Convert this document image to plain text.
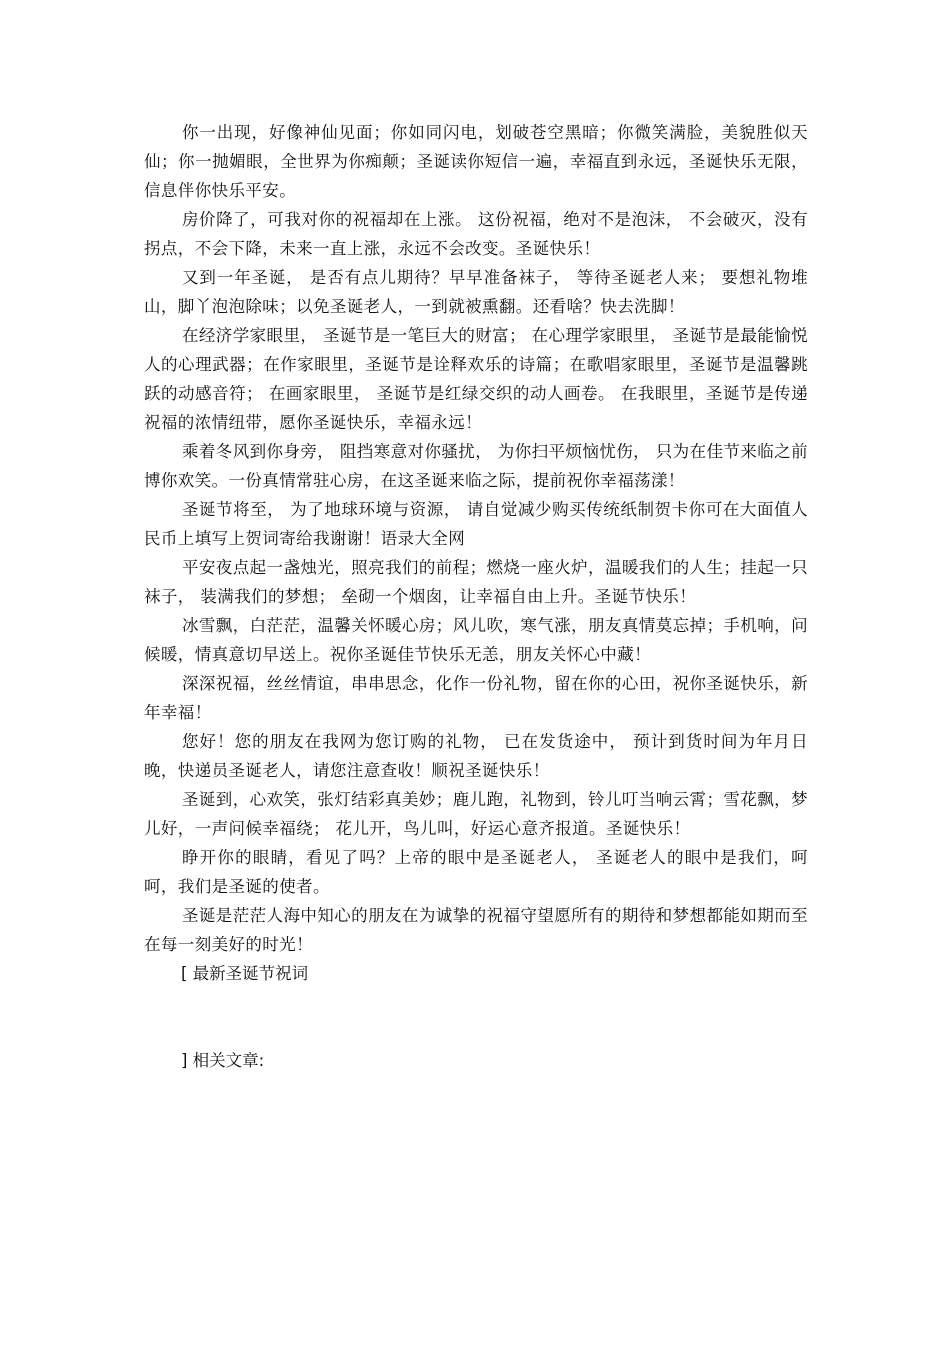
你一出现，好像神仙见面；你如同闪电，划破苍空黑暗；你微笑满脸，美貌胜似天仙；你一抛媚眼，全世界为你痴颠；圣诞读你短信一遍，幸福直到永远，圣诞快乐无限，信息伴你快乐平安。

房价降了，可我对你的祝福却在上涨。 这份祝福，绝对不是泡沫， 不会破灭，没有拐点，不会下降，未来一直上涨，永远不会改变。圣诞快乐！

又到一年圣诞， 是否有点儿期待？早早准备袜子， 等待圣诞老人来； 要想礼物堆山，脚丫泡泡除味；以免圣诞老人，一到就被熏翻。还看啥？快去洗脚！

在经济学家眼里， 圣诞节是一笔巨大的财富； 在心理学家眼里， 圣诞节是最能愉悦人的心理武器；在作家眼里，圣诞节是诠释欢乐的诗篇；在歌唱家眼里，圣诞节是温馨跳跃的动感音符； 在画家眼里， 圣诞节是红绿交织的动人画卷。 在我眼里，圣诞节是传递祝福的浓情纽带，愿你圣诞快乐，幸福永远！

乘着冬风到你身旁， 阻挡寒意对你骚扰， 为你扫平烦恼忧伤， 只为在佳节来临之前博你欢笑。一份真情常驻心房，在这圣诞来临之际，提前祝你幸福荡漾！

圣诞节将至， 为了地球环境与资源， 请自觉减少购买传统纸制贺卡你可在大面值人民币上填写上贺词寄给我谢谢！语录大全网

平安夜点起一盏烛光，照亮我们的前程；燃烧一座火炉，温暖我们的人生；挂起一只袜子， 装满我们的梦想； 垒砌一个烟囱，让幸福自由上升。圣诞节快乐！

冰雪飘，白茫茫，温馨关怀暖心房；风儿吹，寒气涨，朋友真情莫忘掉；手机响，问候暖，情真意切早送上。祝你圣诞佳节快乐无恙，朋友关怀心中藏！

深深祝福，丝丝情谊，串串思念，化作一份礼物，留在你的心田，祝你圣诞快乐，新年幸福！

您好！您的朋友在我网为您订购的礼物， 已在发货途中， 预计到货时间为年月日晚，快递员圣诞老人，请您注意查收！顺祝圣诞快乐！

圣诞到，心欢笑，张灯结彩真美妙；鹿儿跑，礼物到，铃儿叮当响云霄；雪花飘，梦儿好，一声问候幸福绕； 花儿开，鸟儿叫，好运心意齐报道。圣诞快乐！

睁开你的眼睛，看见了吗？上帝的眼中是圣诞老人， 圣诞老人的眼中是我们，呵呵，我们是圣诞的使者。

圣诞是茫茫人海中知心的朋友在为诚挚的祝福守望愿所有的期待和梦想都能如期而至在每一刻美好的时光！

[ 最新圣诞节祝词

] 相关文章:
